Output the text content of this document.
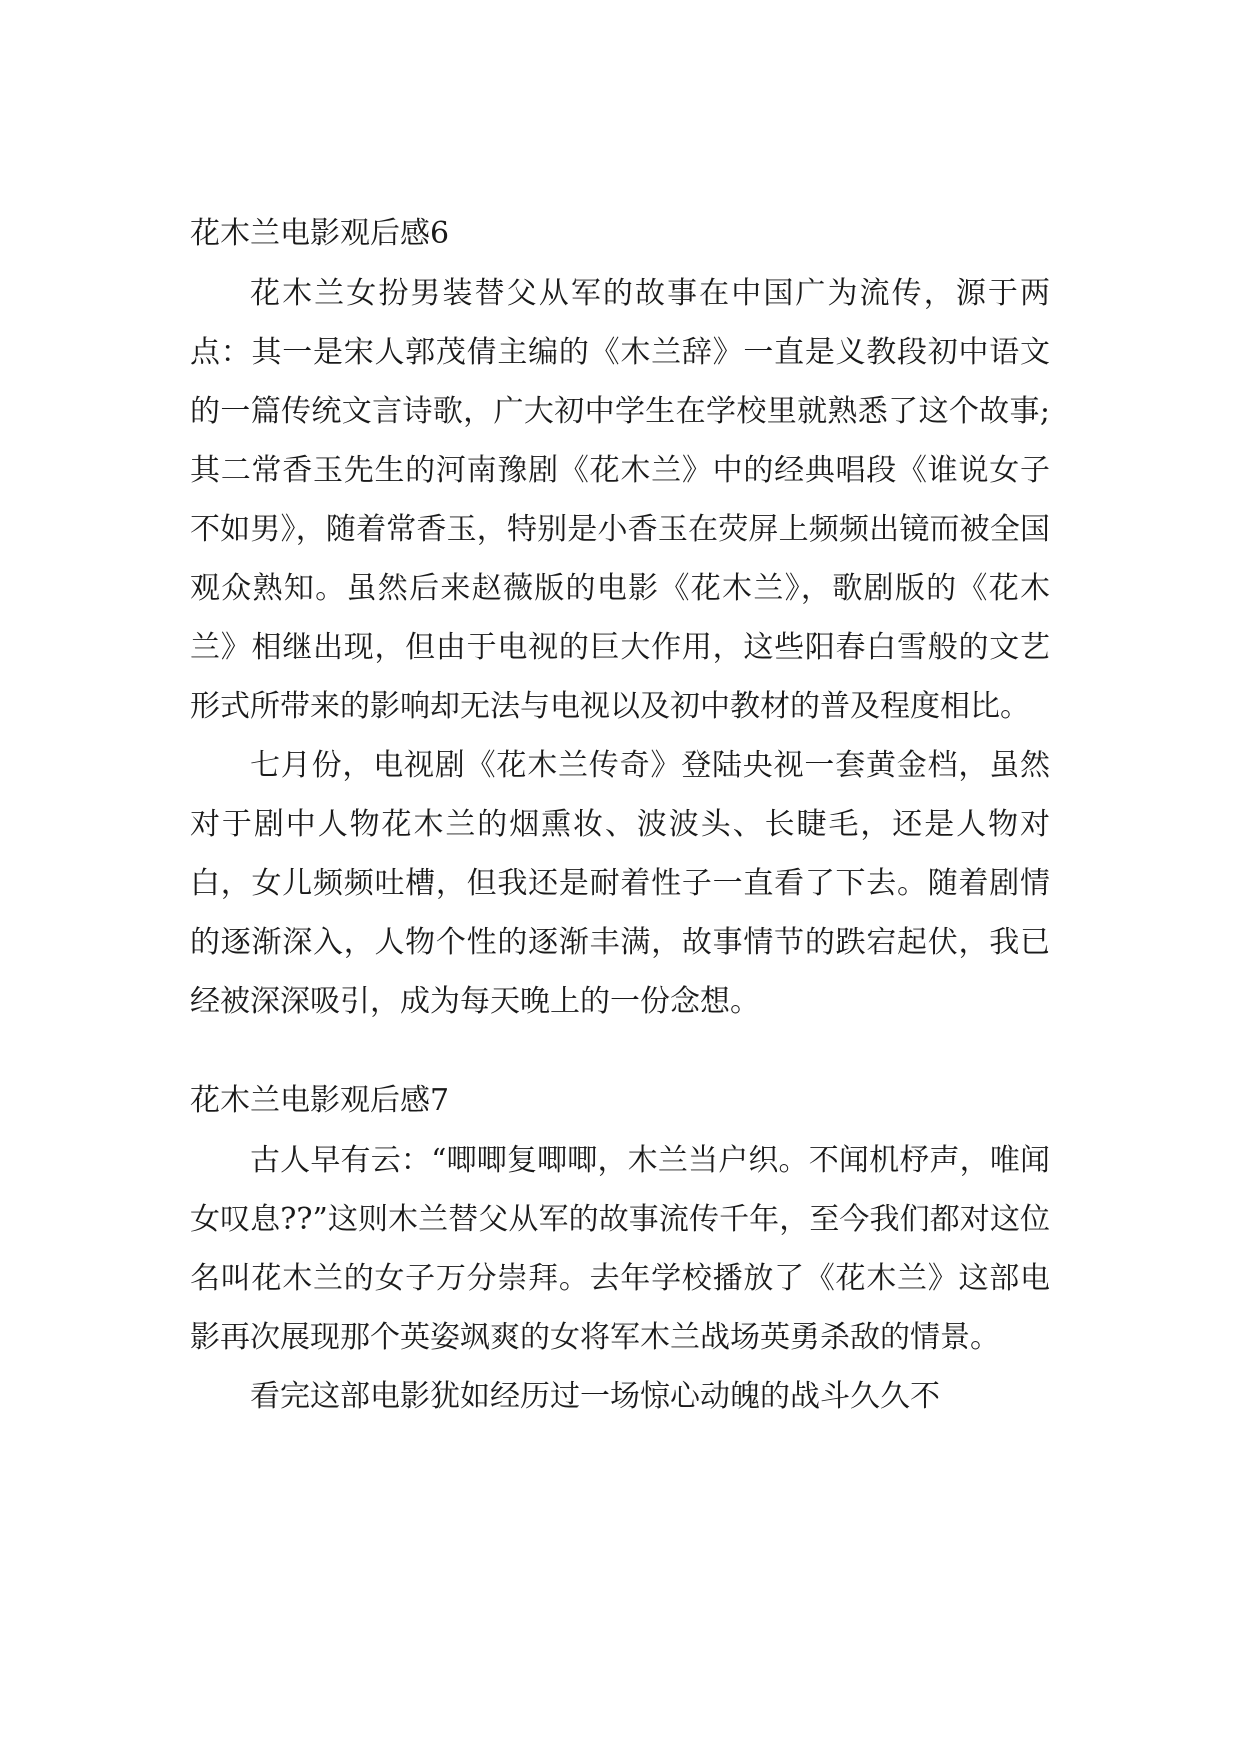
花木兰电影观后感6

花木兰女扮男装替父从军的故事在中国广为流传，源于两点：其一是宋人郭茂倩主编的《木兰辞》一直是义教段初中语文的一篇传统文言诗歌，广大初中学生在学校里就熟悉了这个故事;其二常香玉先生的河南豫剧《花木兰》中的经典唱段《谁说女子不如男》，随着常香玉，特别是小香玉在荧屏上频频出镜而被全国观众熟知。虽然后来赵薇版的电影《花木兰》，歌剧版的《花木兰》相继出现，但由于电视的巨大作用，这些阳春白雪般的文艺形式所带来的影响却无法与电视以及初中教材的普及程度相比。

七月份，电视剧《花木兰传奇》登陆央视一套黄金档，虽然对于剧中人物花木兰的烟熏妆、波波头、长睫毛，还是人物对白，女儿频频吐槽，但我还是耐着性子一直看了下去。随着剧情的逐渐深入，人物个性的逐渐丰满，故事情节的跌宕起伏，我已经被深深吸引，成为每天晚上的一份念想。

花木兰电影观后感7

古人早有云：“唧唧复唧唧，木兰当户织。不闻机杼声，唯闻女叹息??”这则木兰替父从军的故事流传千年，至今我们都对这位名叫花木兰的女子万分崇拜。去年学校播放了《花木兰》这部电影再次展现那个英姿飒爽的女将军木兰战场英勇杀敌的情景。

看完这部电影犹如经历过一场惊心动魄的战斗久久不
